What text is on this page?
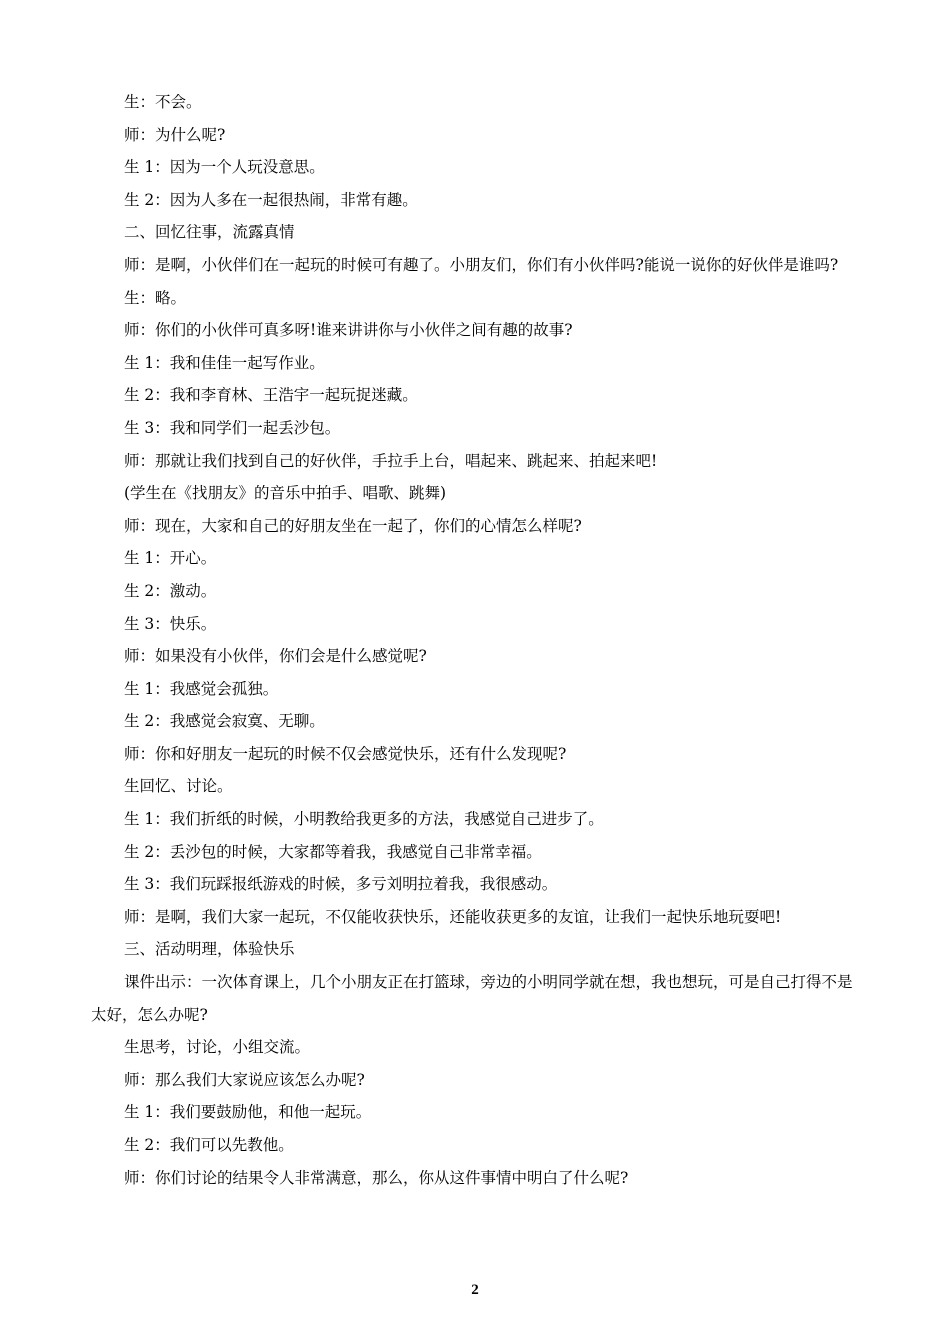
生：不会。

师：为什么呢?

生 1：因为一个人玩没意思。

生 2：因为人多在一起很热闹，非常有趣。

二、回忆往事，流露真情

师：是啊，小伙伴们在一起玩的时候可有趣了。小朋友们，你们有小伙伴吗?能说一说你的好伙伴是谁吗?

生：略。

师：你们的小伙伴可真多呀!谁来讲讲你与小伙伴之间有趣的故事?

生 1：我和佳佳一起写作业。

生 2：我和李育林、王浩宇一起玩捉迷藏。

生 3：我和同学们一起丢沙包。

师：那就让我们找到自己的好伙伴，手拉手上台，唱起来、跳起来、拍起来吧!

(学生在《找朋友》的音乐中拍手、唱歌、跳舞)

师：现在，大家和自己的好朋友坐在一起了，你们的心情怎么样呢?

生 1：开心。

生 2：激动。

生 3：快乐。

师：如果没有小伙伴，你们会是什么感觉呢?

生 1：我感觉会孤独。

生 2：我感觉会寂寞、无聊。

师：你和好朋友一起玩的时候不仅会感觉快乐，还有什么发现呢?

生回忆、讨论。

生 1：我们折纸的时候，小明教给我更多的方法，我感觉自己进步了。

生 2：丢沙包的时候，大家都等着我，我感觉自己非常幸福。

生 3：我们玩踩报纸游戏的时候，多亏刘明拉着我，我很感动。

师：是啊，我们大家一起玩，不仅能收获快乐，还能收获更多的友谊，让我们一起快乐地玩耍吧!

三、活动明理，体验快乐

课件出示：一次体育课上，几个小朋友正在打篮球，旁边的小明同学就在想，我也想玩，可是自己打得不是太好，怎么办呢?

生思考，讨论，小组交流。

师：那么我们大家说应该怎么办呢?

生 1：我们要鼓励他，和他一起玩。

生 2：我们可以先教他。

师：你们讨论的结果令人非常满意，那么，你从这件事情中明白了什么呢?

2
